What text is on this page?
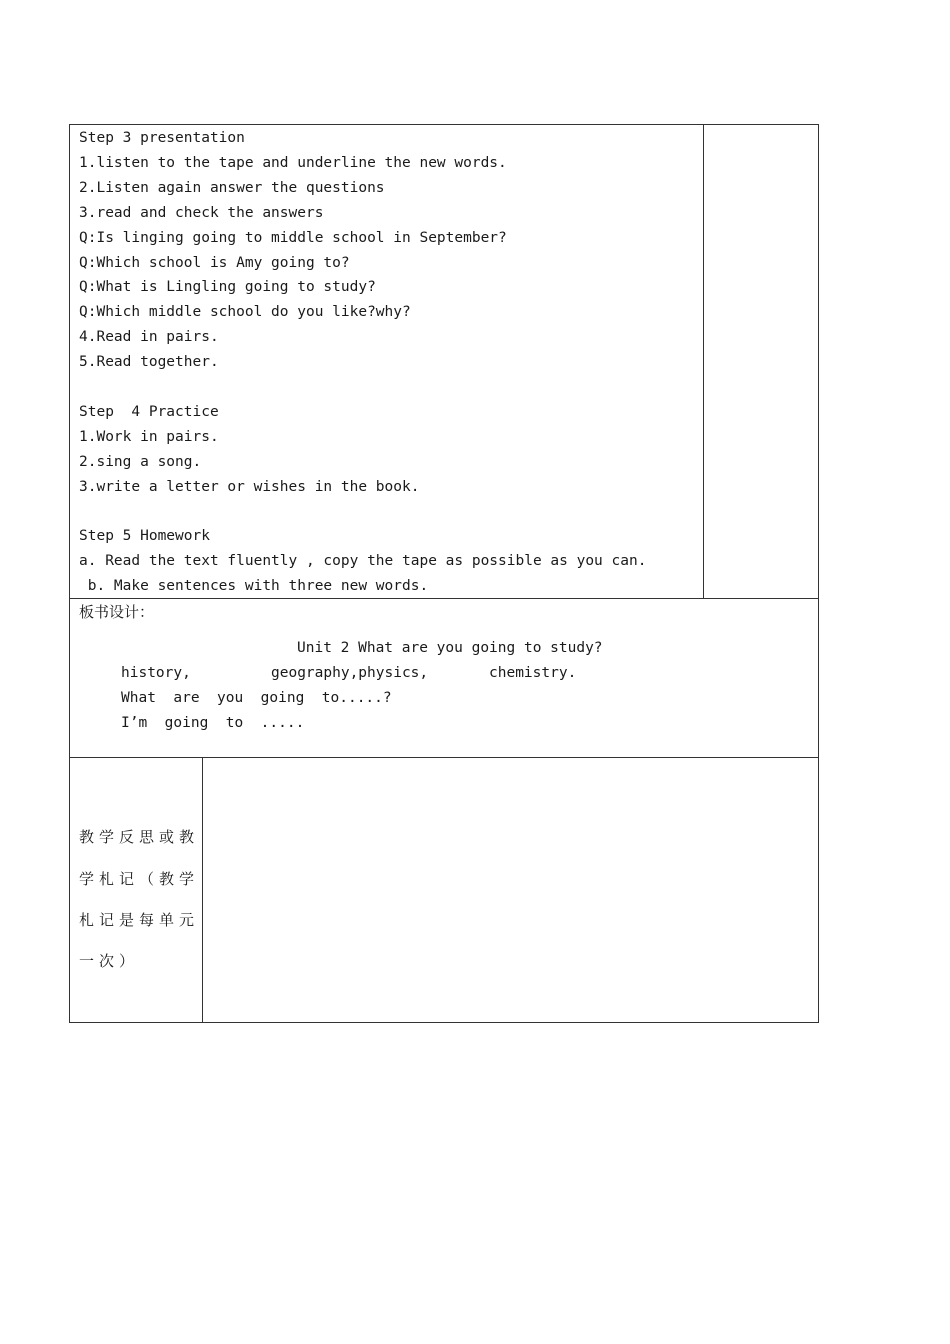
Step 3 presentation
1.listen to the tape and underline the new words.
2.Listen again answer the questions
3.read and check the answers
Q:Is linging going to middle school in September?
Q:Which school is Amy going to?
Q:What is Lingling going to study?
Q:Which middle school do you like?why?
4.Read in pairs.
5.Read together.
Step  4 Practice
1.Work in pairs.
2.sing a song.
3.write a letter or wishes in the book.
Step 5 Homework
a. Read the text fluently , copy the tape as possible as you can.
b. Make sentences with three new words.
板书设计：
Unit 2 What are you going to study?
history,	geography,physics,	chemistry.
What  are  you  going  to.....?
I’m  going  to  .....
教学反思或教
学札记（教学
札记是每单元
一次）
